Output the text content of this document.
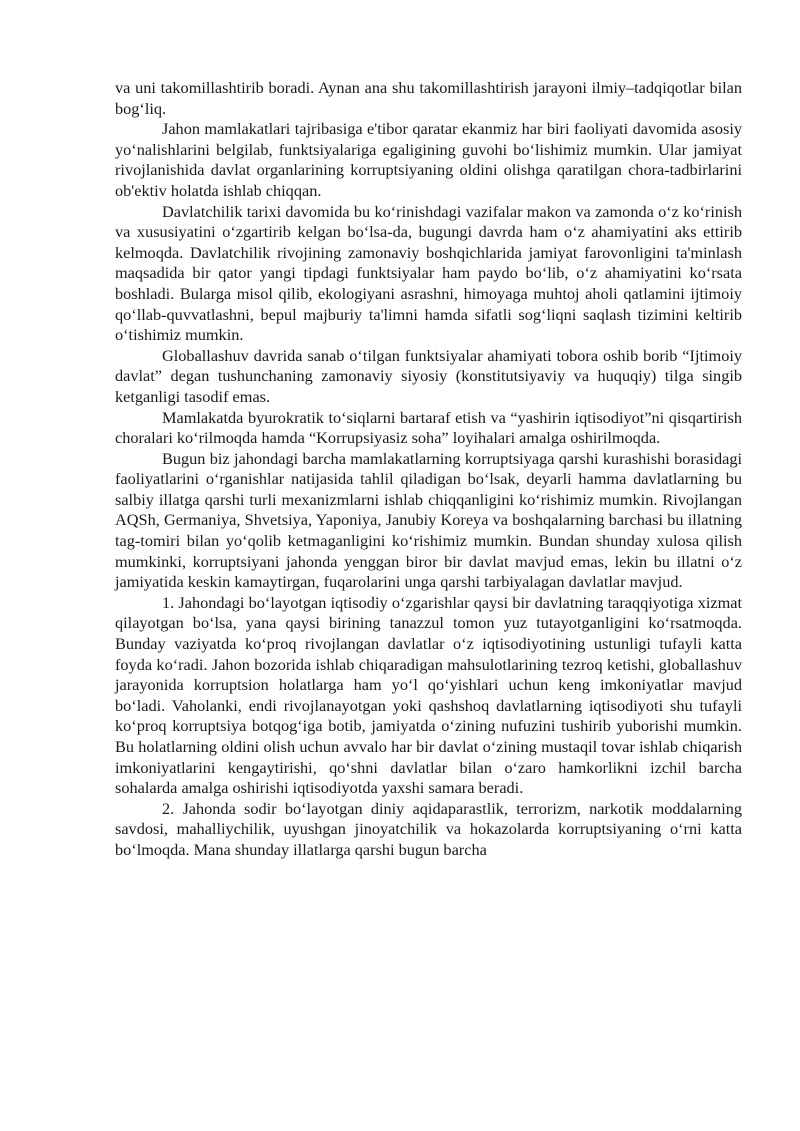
va uni takomillashtirib boradi. Aynan ana shu takomillashtirish jarayoni ilmiy–tadqiqotlar bilan bog‘liq.

Jahon mamlakatlari tajribasiga e'tibor qaratar ekanmiz har biri faoliyati davomida asosiy yo‘nalishlarini belgilab, funktsiyalariga egaligining guvohi bo‘lishimiz mumkin. Ular jamiyat rivojlanishida davlat organlarining korruptsiyaning oldini olishga qaratilgan chora-tadbirlarini ob'ektiv holatda ishlab chiqqan.

Davlatchilik tarixi davomida bu ko‘rinishdagi vazifalar makon va zamonda o‘z ko‘rinish va xususiyatini o‘zgartirib kelgan bo‘lsa-da, bugungi davrda ham o‘z ahamiyatini aks ettirib kelmoqda. Davlatchilik rivojining zamonaviy boshqichlarida jamiyat farovonligini ta'minlash maqsadida bir qator yangi tipdagi funktsiyalar ham paydo bo‘lib, o‘z ahamiyatini ko‘rsata boshladi. Bularga misol qilib, ekologiyani asrashni, himoyaga muhtoj aholi qatlamini ijtimoiy qo‘llab-quvvatlashni, bepul majburiy ta'limni hamda sifatli sog‘liqni saqlash tizimini keltirib o‘tishimiz mumkin.

Globallashuv davrida sanab o‘tilgan funktsiyalar ahamiyati tobora oshib borib “Ijtimoiy davlat” degan tushunchaning zamonaviy siyosiy (konstitutsiyaviy va huquqiy) tilga singib ketganligi tasodif emas.

Mamlakatda byurokratik to‘siqlarni bartaraf etish va “yashirin iqtisodiyot”ni qisqartirish choralari ko‘rilmoqda hamda “Korrupsiyasiz soha” loyihalari amalga oshirilmoqda.

Bugun biz jahondagi barcha mamlakatlarning korruptsiyaga qarshi kurashishi borasidagi faoliyatlarini o‘rganishlar natijasida tahlil qiladigan bo‘lsak, deyarli hamma davlatlarning bu salbiy illatga qarshi turli mexanizmlarni ishlab chiqqanligini ko‘rishimiz mumkin. Rivojlangan AQSh, Germaniya, Shvetsiya, Yaponiya, Janubiy Koreya va boshqalarning barchasi bu illatning tag-tomiri bilan yo‘qolib ketmaganligini ko‘rishimiz mumkin. Bundan shunday xulosa qilish mumkinki, korruptsiyani jahonda yenggan biror bir davlat mavjud emas, lekin bu illatni o‘z jamiyatida keskin kamaytirgan, fuqarolarini unga qarshi tarbiyalagan davlatlar mavjud.

1. Jahondagi bo‘layotgan iqtisodiy o‘zgarishlar qaysi bir davlatning taraqqiyotiga xizmat qilayotgan bo‘lsa, yana qaysi birining tanazzul tomon yuz tutayotganligini ko‘rsatmoqda. Bunday vaziyatda ko‘proq rivojlangan davlatlar o‘z iqtisodiyotining ustunligi tufayli katta foyda ko‘radi. Jahon bozorida ishlab chiqaradigan mahsulotlarining tezroq ketishi, globallashuv jarayonida korruptsion holatlarga ham yo‘l qo‘yishlari uchun keng imkoniyatlar mavjud bo‘ladi. Vaholanki, endi rivojlanayotgan yoki qashshoq davlatlarning iqtisodiyoti shu tufayli ko‘proq korruptsiya botqog‘iga botib, jamiyatda o‘zining nufuzini tushirib yuborishi mumkin. Bu holatlarning oldini olish uchun avvalo har bir davlat o‘zining mustaqil tovar ishlab chiqarish imkoniyatlarini kengaytirishi, qo‘shni davlatlar bilan o‘zaro hamkorlikni izchil barcha sohalarda amalga oshirishi iqtisodiyotda yaxshi samara beradi.

2. Jahonda sodir bo‘layotgan diniy aqidaparastlik, terrorizm, narkotik moddalarning savdosi, mahalliychilik, uyushgan jinoyatchilik va hokazolarda korruptsiyaning o‘rni katta bo‘lmoqda. Mana shunday illatlarga qarshi bugun barcha
